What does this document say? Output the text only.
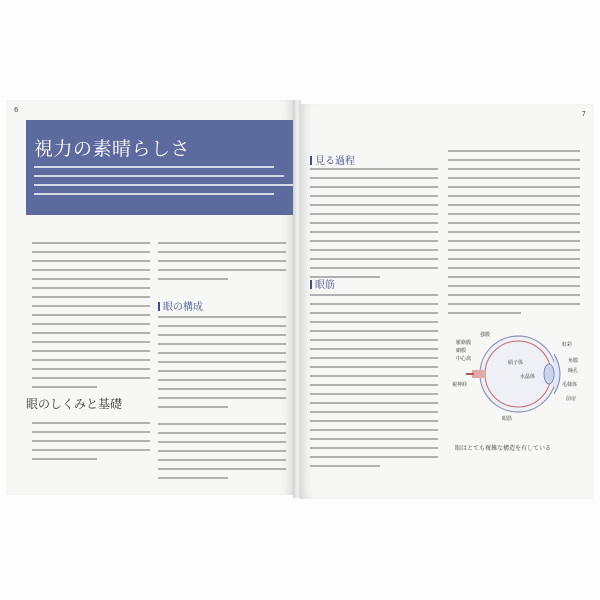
6
視力の素晴らしさ
眼のしくみと基礎
眼の構成
7
見る過程
眼筋
強膜
脈絡膜
網膜
中心窩
視神経
硝子体
虹彩
角膜
水晶体
瞳孔
毛様体
前房
眼筋
眼はとても複雑な構造を有している
